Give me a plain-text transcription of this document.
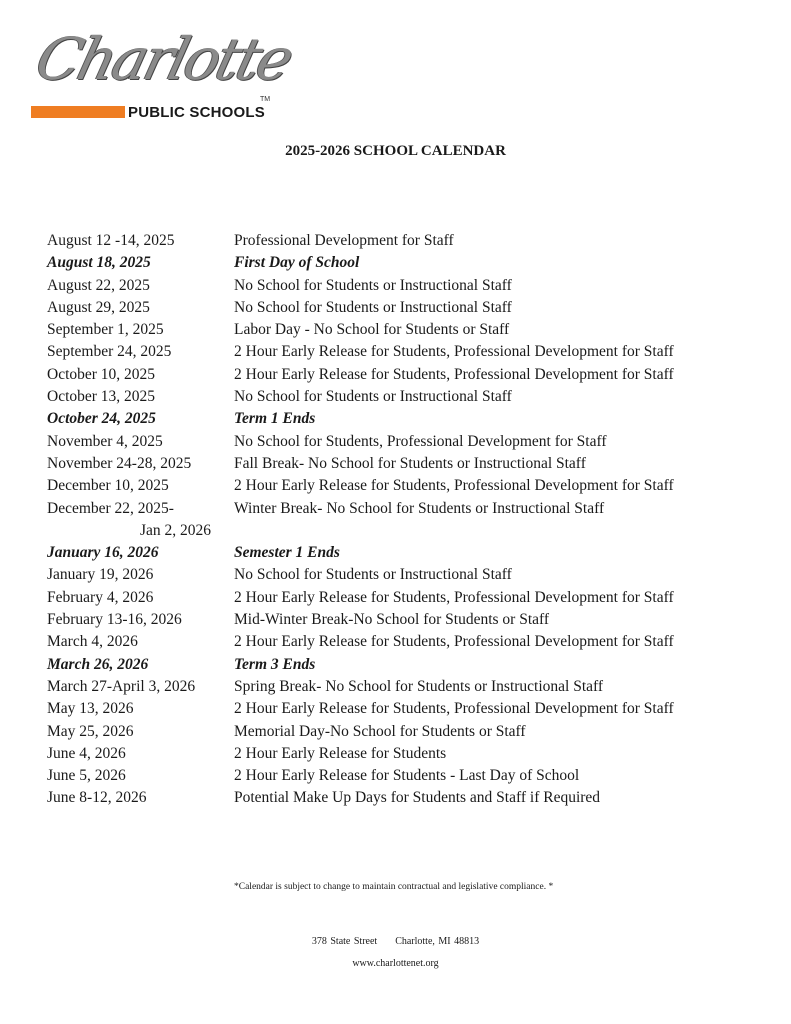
Charlotte
TM
PUBLIC SCHOOLS
2025-2026 SCHOOL CALENDAR
August 12 -14, 2025	Professional Development for Staff
August 18, 2025	First Day of School
August 22, 2025	No School for Students or Instructional Staff
August 29, 2025	No School for Students or Instructional Staff
September 1, 2025	Labor Day - No School for Students or Staff
September 24, 2025	2 Hour Early Release for Students, Professional Development for Staff
October 10, 2025	2 Hour Early Release for Students, Professional Development for Staff
October 13, 2025	No School for Students or Instructional Staff
October 24, 2025	Term 1 Ends
November 4, 2025	No School for Students, Professional Development for Staff
November 24-28, 2025	Fall Break- No School for Students or Instructional Staff
December 10, 2025	2 Hour Early Release for Students, Professional Development for Staff
December 22, 2025-	Winter Break- No School for Students or Instructional Staff
Jan 2, 2026
January 16, 2026	Semester 1 Ends
January 19, 2026	No School for Students or Instructional Staff
February 4, 2026	2 Hour Early Release for Students, Professional Development for Staff
February 13-16, 2026	Mid-Winter Break-No School for Students or Staff
March 4, 2026	2 Hour Early Release for Students, Professional Development for Staff
March 26, 2026	Term 3 Ends
March 27-April 3, 2026	Spring Break- No School for Students or Instructional Staff
May 13, 2026	2 Hour Early Release for Students, Professional Development for Staff
May 25, 2026	Memorial Day-No School for Students or Staff
June 4, 2026	2 Hour Early Release for Students
June 5, 2026	2 Hour Early Release for Students - Last Day of School
June 8-12, 2026	Potential Make Up Days for Students and Staff if Required
*Calendar is subject to change to maintain contractual and legislative compliance. *
378 State Street Charlotte, MI 48813
www.charlottenet.org
